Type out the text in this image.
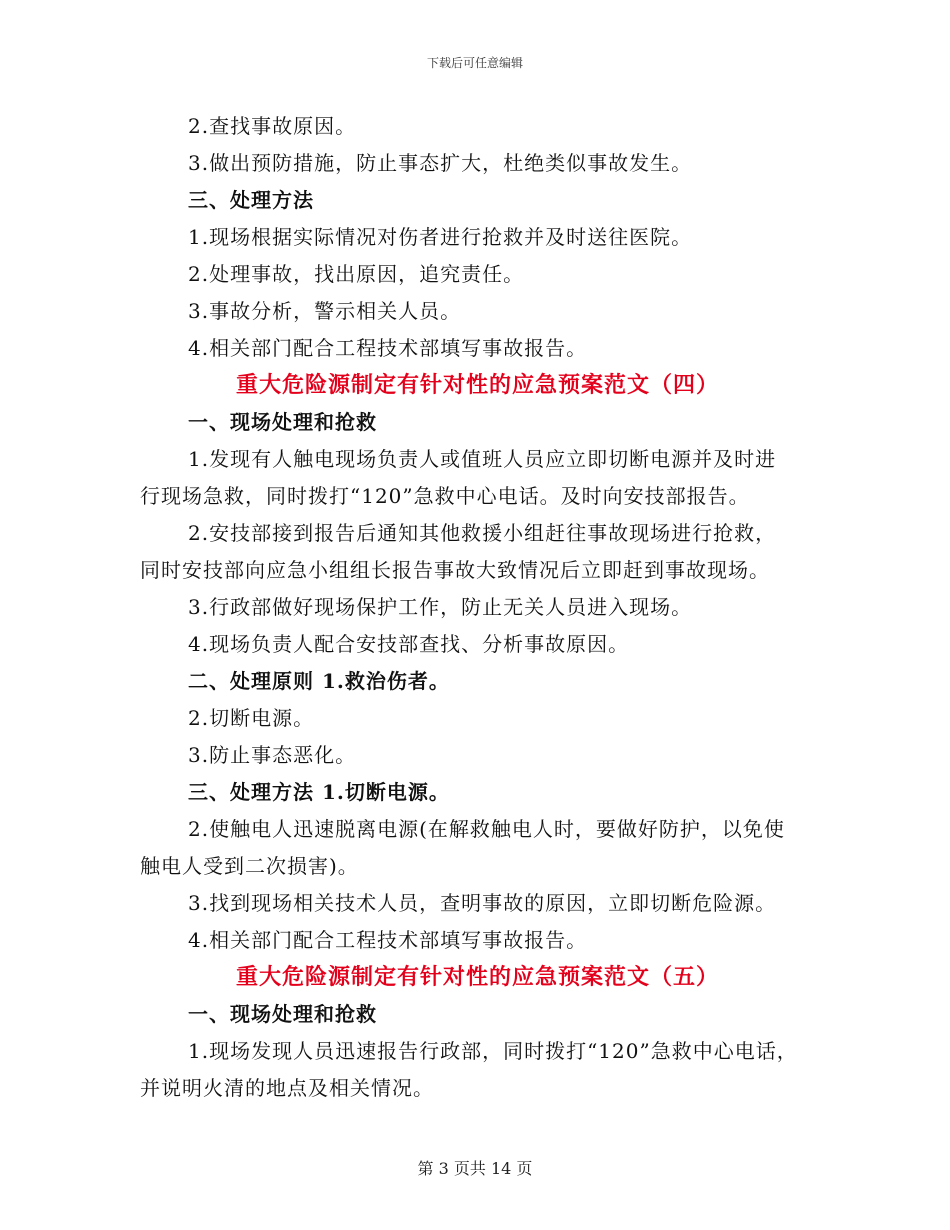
下载后可任意编辑
2.查找事故原因。
3.做出预防措施，防止事态扩大，杜绝类似事故发生。
三、处理方法
1.现场根据实际情况对伤者进行抢救并及时送往医院。
2.处理事故，找出原因，追究责任。
3.事故分析，警示相关人员。
4.相关部门配合工程技术部填写事故报告。
重大危险源制定有针对性的应急预案范文（四）
一、现场处理和抢救
1.发现有人触电现场负责人或值班人员应立即切断电源并及时进
行现场急救，同时拨打“120”急救中心电话。及时向安技部报告。
2.安技部接到报告后通知其他救援小组赶往事故现场进行抢救，
同时安技部向应急小组组长报告事故大致情况后立即赶到事故现场。
3.行政部做好现场保护工作，防止无关人员进入现场。
4.现场负责人配合安技部查找、分析事故原因。
二、处理原则 1.救治伤者。
2.切断电源。
3.防止事态恶化。
三、处理方法 1.切断电源。
2.使触电人迅速脱离电源(在解救触电人时，要做好防护，以免使
触电人受到二次损害)。
3.找到现场相关技术人员，查明事故的原因，立即切断危险源。
4.相关部门配合工程技术部填写事故报告。
重大危险源制定有针对性的应急预案范文（五）
一、现场处理和抢救
1.现场发现人员迅速报告行政部，同时拨打“120”急救中心电话，
并说明火清的地点及相关情况。
第 3 页共 14 页
